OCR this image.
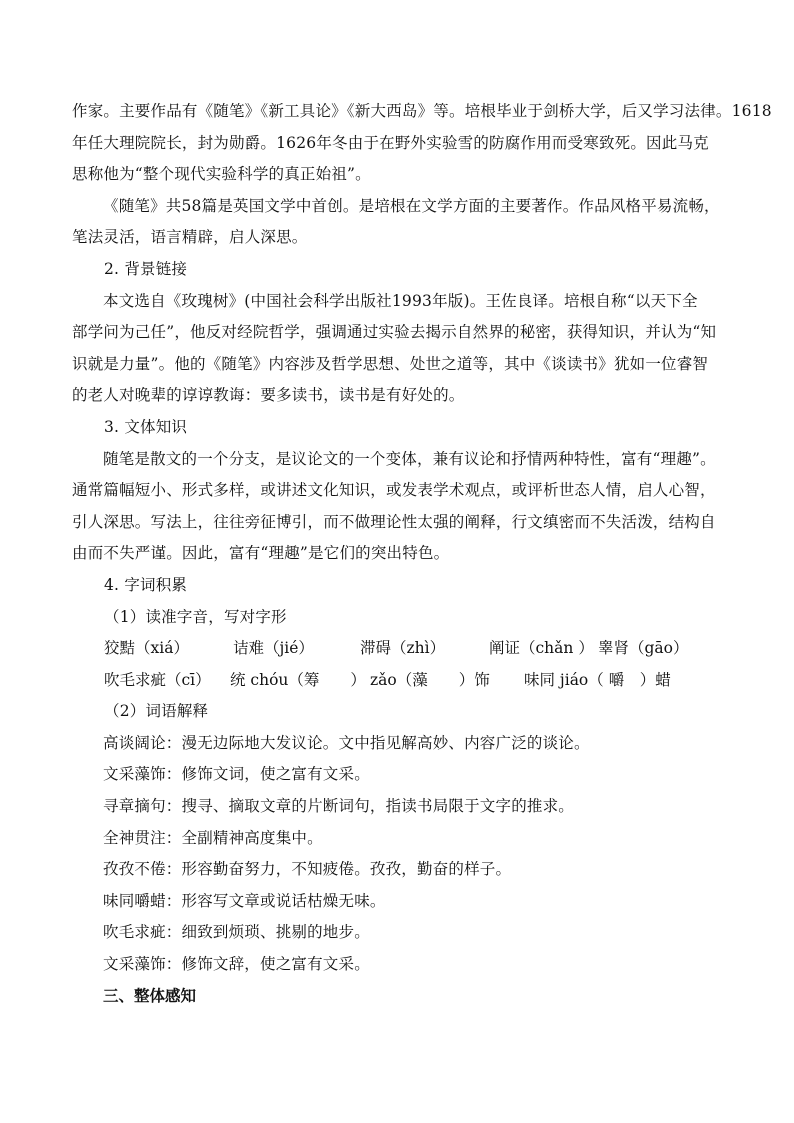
作家。主要作品有《随笔》《新工具论》《新大西岛》等。培根毕业于剑桥大学，后又学习法律。1618
年任大理院院长，封为勋爵。1626年冬由于在野外实验雪的防腐作用而受寒致死。因此马克
思称他为“整个现代实验科学的真正始祖”。
《随笔》共58篇是英国文学中首创。是培根在文学方面的主要著作。作品风格平易流畅，
笔法灵活，语言精辟，启人深思。
2. 背景链接
本文选自《玫瑰树》(中国社会科学出版社1993年版)。王佐良译。培根自称“以天下全
部学问为己任”，他反对经院哲学，强调通过实验去揭示自然界的秘密，获得知识，并认为“知
识就是力量”。他的《随笔》内容涉及哲学思想、处世之道等，其中《谈读书》犹如一位睿智
的老人对晚辈的谆谆教诲：要多读书，读书是有好处的。
3. 文体知识
随笔是散文的一个分支，是议论文的一个变体，兼有议论和抒情两种特性，富有“理趣”。
通常篇幅短小、形式多样，或讲述文化知识，或发表学术观点，或评析世态人情，启人心智，
引人深思。写法上，往往旁征博引，而不做理论性太强的阐释，行文缜密而不失活泼，结构自
由而不失严谨。因此，富有“理趣”是它们的突出特色。
4. 字词积累
（1）读准字音，写对字形
狡黠（xiá）	诘难（jié）	滞碍（zhì）	阐证（chǎn ） 睾肾（gāo）
吹毛求疵（cī） 统 chóu（筹　　） zǎo（藻　　）饰 味同 jiáo（ 嚼　）蜡
（2）词语解释
高谈阔论：漫无边际地大发议论。文中指见解高妙、内容广泛的谈论。
文采藻饰：修饰文词，使之富有文采。
寻章摘句：搜寻、摘取文章的片断词句，指读书局限于文字的推求。
全神贯注：全副精神高度集中。
孜孜不倦：形容勤奋努力，不知疲倦。孜孜，勤奋的样子。
味同嚼蜡：形容写文章或说话枯燥无味。
吹毛求疵：细致到烦琐、挑剔的地步。
文采藻饰：修饰文辞，使之富有文采。
三、整体感知
